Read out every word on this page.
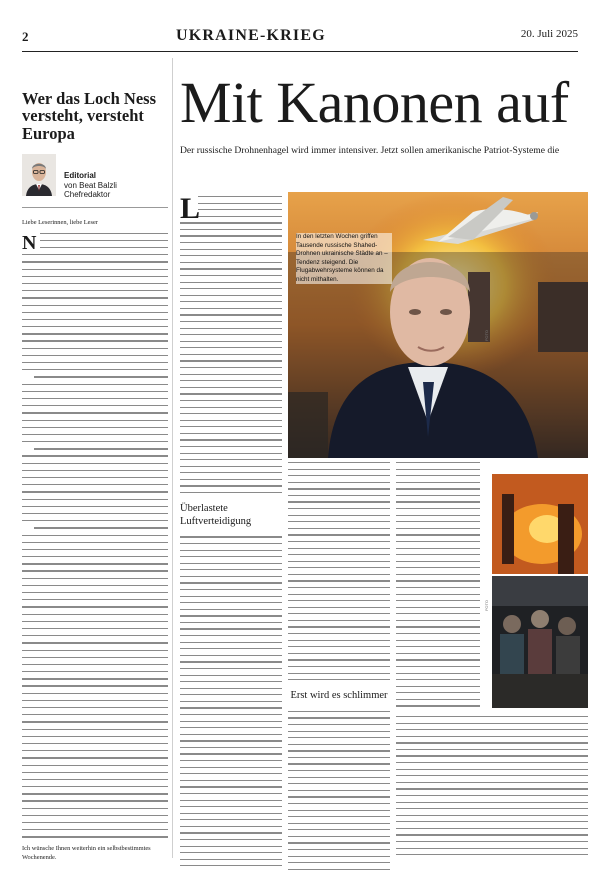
2	UKRAINE-KRIEG	20. Juli 2025
Wer das Loch Ness versteht, versteht Europa
Editorial
von Beat Balzli
Chefredaktor
Liebe Leserinnen, liebe Leser
N
Ich wünsche Ihnen weiterhin ein selbstbestimmtes Wochenende.
Mit Kanonen auf
Der russische Drohnenhagel wird immer intensiver. Jetzt sollen amerikanische Patriot-Systeme die
L
Überlastete Luftverteidigung
In den letzten Wochen griffen Tausende russische Shahed-Drohnen ukrainische Städte an – Tendenz steigend. Die Flugabwehrsysteme können da nicht mithalten.
FOTO
Erst wird es schlimmer
FOTO
